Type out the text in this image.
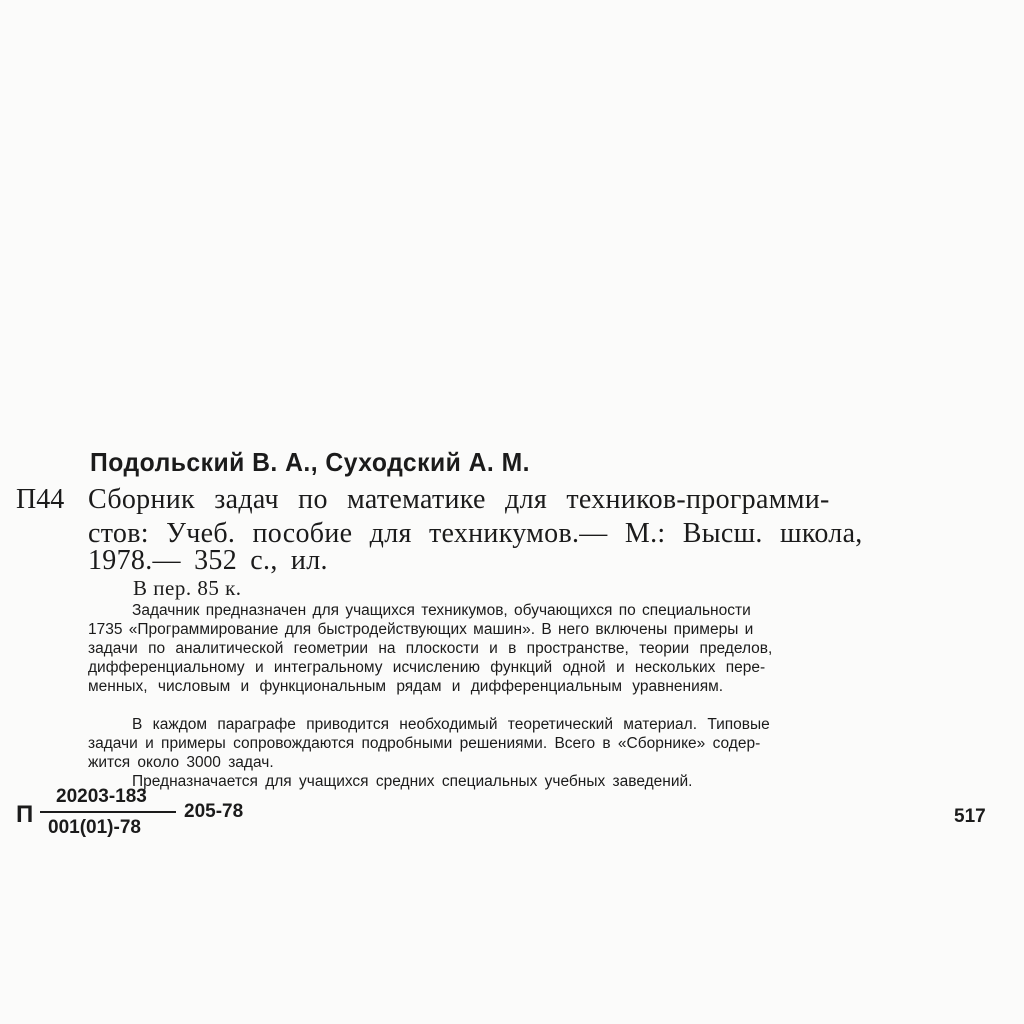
Подольский В. А., Суходский А. М.
П44 Сборник задач по математике для техников-программи-
стов: Учеб. пособие для техникумов.— М.: Высш. школа,
1978.— 352 с., ил.
В пер. 85 к.
Задачник предназначен для учащихся техникумов, обучающихся по специальности
1735 «Программирование для быстродействующих машин». В него включены примеры и
задачи по аналитической геометрии на плоскости и в пространстве, теории пределов,
дифференциальному и интегральному исчислению функций одной и нескольких пере-
менных, числовым и функциональным рядам и дифференциальным уравнениям.
В каждом параграфе приводится необходимый теоретический материал. Типовые
задачи и примеры сопровождаются подробными решениями. Всего в «Сборнике» содер-
жится около 3000 задач.
Предназначается для учащихся средних специальных учебных заведений.
П
20203-183
001(01)-78
205-78	517
